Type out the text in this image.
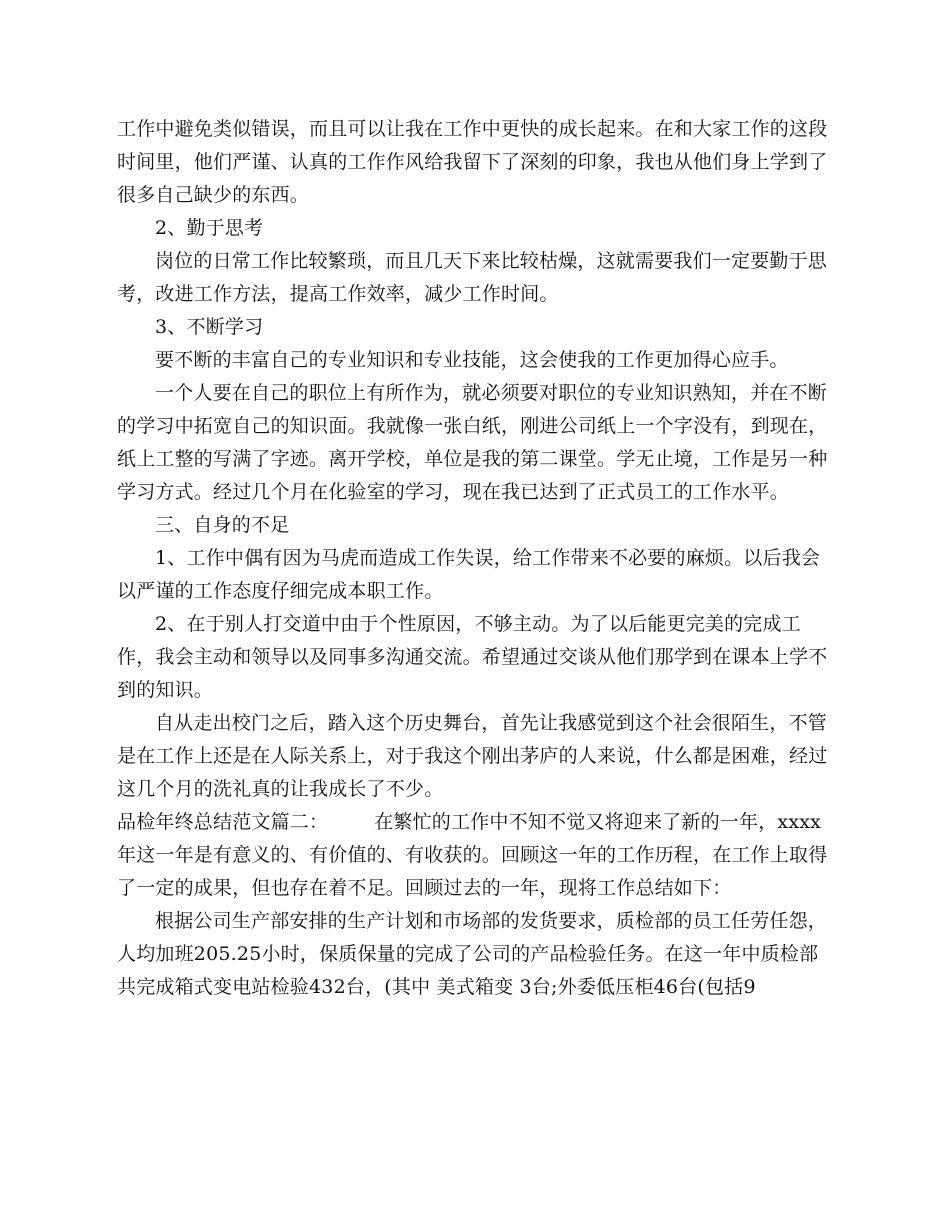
工作中避免类似错误，而且可以让我在工作中更快的成长起来。在和大家工作的这段时间里，他们严谨、认真的工作作风给我留下了深刻的印象，我也从他们身上学到了很多自己缺少的东西。

2、勤于思考

岗位的日常工作比较繁琐，而且几天下来比较枯燥，这就需要我们一定要勤于思考，改进工作方法，提高工作效率，减少工作时间。

3、不断学习

要不断的丰富自己的专业知识和专业技能，这会使我的工作更加得心应手。

一个人要在自己的职位上有所作为，就必须要对职位的专业知识熟知，并在不断的学习中拓宽自己的知识面。我就像一张白纸，刚进公司纸上一个字没有，到现在，纸上工整的写满了字迹。离开学校，单位是我的第二课堂。学无止境，工作是另一种学习方式。经过几个月在化验室的学习，现在我已达到了正式员工的工作水平。

三、自身的不足

1、工作中偶有因为马虎而造成工作失误，给工作带来不必要的麻烦。以后我会以严谨的工作态度仔细完成本职工作。

2、在于别人打交道中由于个性原因，不够主动。为了以后能更完美的完成工作，我会主动和领导以及同事多沟通交流。希望通过交谈从他们那学到在课本上学不到的知识。

自从走出校门之后，踏入这个历史舞台，首先让我感觉到这个社会很陌生，不管是在工作上还是在人际关系上，对于我这个刚出茅庐的人来说，什么都是困难，经过这几个月的洗礼真的让我成长了不少。

品检年终总结范文篇二： 在繁忙的工作中不知不觉又将迎来了新的一年，xxxx年这一年是有意义的、有价值的、有收获的。回顾这一年的工作历程，在工作上取得了一定的成果，但也存在着不足。回顾过去的一年，现将工作总结如下：

根据公司生产部安排的生产计划和市场部的发货要求，质检部的员工任劳任怨，人均加班205.25小时，保质保量的完成了公司的产品检验任务。在这一年中质检部共完成箱式变电站检验432台，(其中 美式箱变 3台;外委低压柜46台(包括9
